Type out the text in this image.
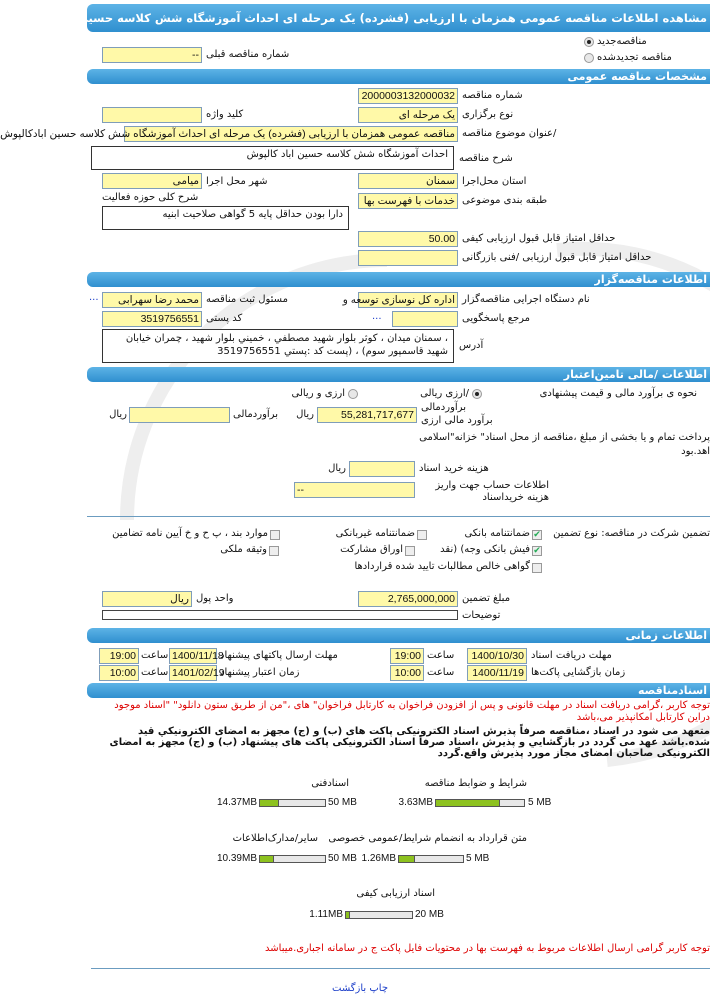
مشاهده اطلاعات مناقصه عمومی همزمان با ارزیابی (فشرده) یک مرحله ای احداث آموزشگاه شش کلاسه حسین ابادکالپوش
مناقصه‌جدید
مناقصه تجدیدشده
شماره مناقصه قبلی
--
مشخصات مناقصه عمومی
شماره مناقصه
2000003132000032
نوع برگزاری
یک مرحله ای
کلید واژه
/عنوان موضوع مناقصه
مناقصه عمومی همزمان با ارزیابی (فشرده) یک مرحله ای احداث آموزشگاه شش کلاسه حسین ابادکالپوش
شرح مناقصه
احداث آموزشگاه شش کلاسه حسین اباد کالپوش
استان محل‌اجرا
سمنان
شهر محل اجرا
میامی
طبقه بندی موضوعی
خدمات با فهرست بها
شرح کلی حوزه فعالیت
دارا بودن حداقل پایه 5 گواهی صلاحیت ابنیه
حداقل امتیاز قابل قبول ارزیابی کیفی
50.00
حداقل امتیاز قابل قبول ارزیابی /فنی بازرگانی
اطلاعات مناقصه‌گزار
نام دستگاه اجرایی مناقصه‌گزار
اداره کل نوسازی توسعه و
مسئول ثبت مناقصه
محمد رضا سهرابی
...
مرجع پاسخگویی
...
کد پستی
3519756551
آدرس
، سمنان میدان ، کوثر بلوار شهید مصطفي ، خميني بلوار شهيد ، چمران خيابان شهيد قاسمپور سوم) ، (پست کد :پستي 3519756551
اطلاعات /مالی تامین‌اعتبار
نحوه ی برآورد مالی و قیمت پیشنهادی
/ارزی ریالی
ارزی و ریالی
برآوردمالی
برآورد مالی ارزی
55,281,717,677
ریال
برآوردمالی
ریال
پرداخت تمام و یا بخشی از مبلغ ،مناقصه از محل اسناد" خزانه"اسلامی
اهد.بود
هزینه خرید اسناد
ریال
اطلاعات حساب جهت واریز هزینه خریداسناد
--
تضمین شرکت در مناقصه: نوع تضمین
✔
ضمانتنامه بانکی
ضمانتنامه غیربانکی
موارد بند ، پ ح و خ آیین نامه تضامین
✔
فیش بانکی وجه) (نقد
اوراق مشارکت
وثیقه ملکی
گواهی خالص مطالبات تایید شده قراردادها
مبلغ تضمین
2,765,000,000
واحد پول
ریال
توضیحات
اطلاعات زمانی
مهلت دریافت اسناد
1400/10/30
ساعت
19:00
مهلت ارسال پاکتهای پیشنهاد
1400/11/18
ساعت
19:00
زمان بازگشایی پاکت‌ها
1400/11/19
ساعت
10:00
زمان اعتبار پیشنهاد
1401/02/19
ساعت
10:00
اسنادمناقصه
توجه کاربر ،گرامی دریافت اسناد در مهلت قانونی و پس از افزودن فراخوان به کارتابل فراخوان" های ،"من از طریق ستون دانلود" "اسناد موجود دراین کارتابل امکانپذیر می،باشد
متعهد می شود در اسناد ،مناقصه صرفاً پذیرش اسناد الکترونیکی پاکت های (ب) و (ج) مجهز به امضای الکترونیکي قيد شده.باشد عهد می گردد در بازگشايي و پذيرش ،اسناد صرفاً اسناد الکترونیکی پاکت های پیشنهاد (ب) و (ج) مجهز به امضای الکترونیکی صاحبان امضای مجاز مورد پذيرش واقع.گردد
شرایط و ضوابط مناقصه
3.63MB	5 MB
اسنادفنی
14.37MB	50 MB
متن قرارداد به انضمام شرایط/عمومی خصوصی
1.26MB	5 MB
سایر/مدارک‌اطلاعات
10.39MB	50 MB
اسناد ارزیابی کیفی
1.11MB	20 MB
توجه کاربر گرامی ارسال اطلاعات مربوط به فهرست بها در محتویات فایل پاکت ج در سامانه اجباری.میباشد
چاپ بازگشت
